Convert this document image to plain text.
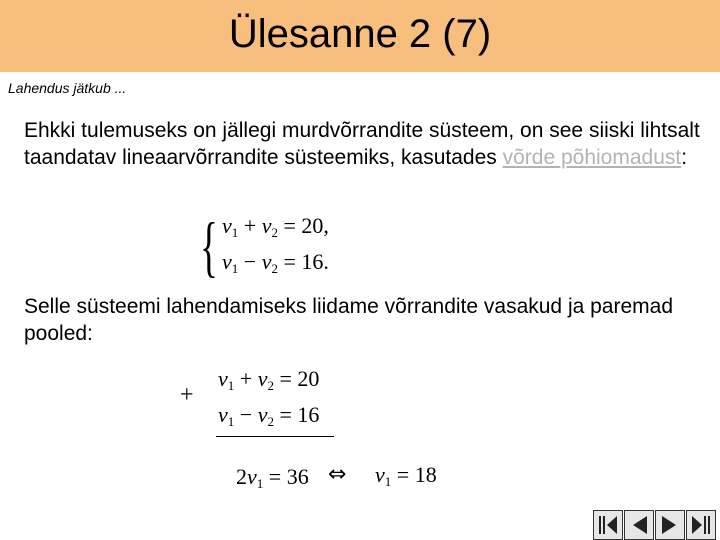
Ülesanne 2 (7)
Lahendus jätkub ...
Ehkki tulemuseks on jällegi murdvõrrandite süsteem, on see siiski lihtsalt taandatav lineaarvõrrandite süsteemiks, kasutades võrde põhiomadust:
{ $v_1 + v_2 = 20$,
$v_1 - v_2 = 16$.
Selle süsteemi lahendamiseks liidame võrrandite vasakud ja paremad pooled:
+
$v_1 + v_2 = 20$
$v_1 - v_2 = 16$
$2v_1 = 36$ ⇔ $v_1 = 18$
